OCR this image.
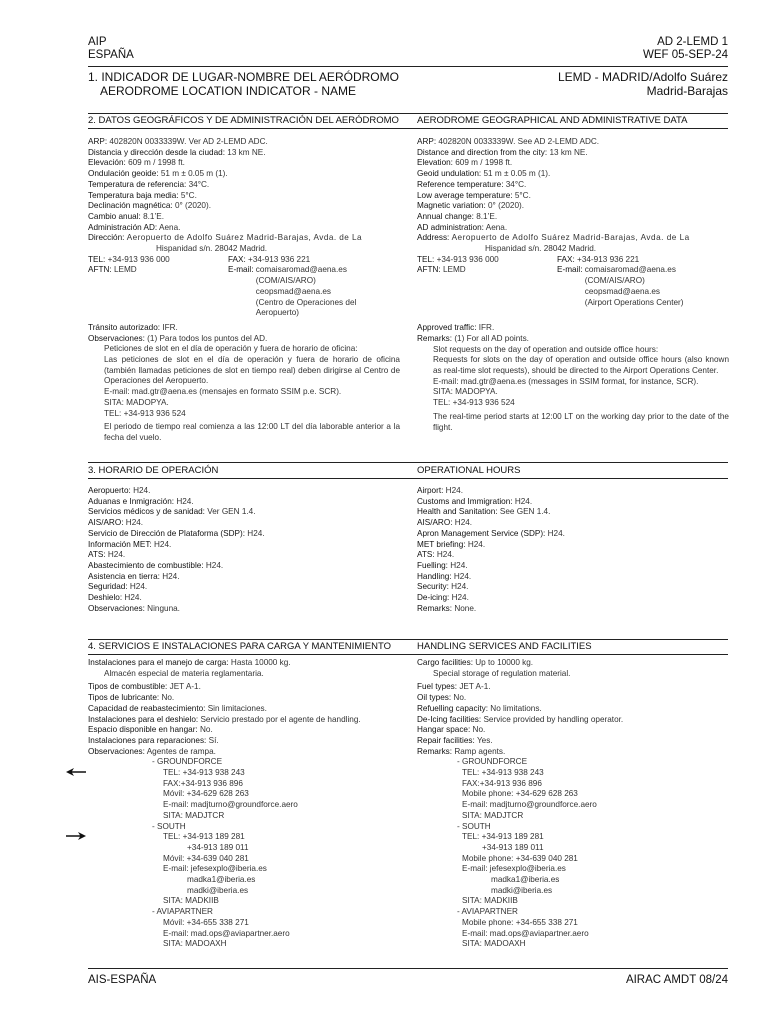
AIP
ESPAÑA
AD 2-LEMD 1
WEF 05-SEP-24
1. INDICADOR DE LUGAR-NOMBRE DEL AERÓDROMO
AERODROME LOCATION INDICATOR - NAME
LEMD - MADRID/Adolfo Suárez
Madrid-Barajas
2. DATOS GEOGRÁFICOS Y DE ADMINISTRACIÓN DEL AERÓDROMO AERODROME GEOGRAPHICAL AND ADMINISTRATIVE DATA
ARP: 402820N 0033339W. Ver AD 2-LEMD ADC.
Distancia y dirección desde la ciudad: 13 km NE.
Elevación: 609 m / 1998 ft.
Ondulación geoide: 51 m ± 0.05 m (1).
Temperatura de referencia: 34°C.
Temperatura baja media: 5°C.
Declinación magnética: 0° (2020).
Cambio anual: 8.1’E.
Administración AD: Aena.
Dirección: Aeropuerto de Adolfo Suárez Madrid-Barajas, Avda. de La
Hispanidad s/n. 28042 Madrid.
TEL: +34-913 936 000	FAX: +34-913 936 221
AFTN: LEMD	E-mail:
comaisaromad@aena.es
(COM/AIS/ARO)
ceopsmad@aena.es
(Centro de Operaciones del
Aeropuerto)
Tránsito autorizado: IFR.
Observaciones: (1) Para todos los puntos del AD.
Peticiones de slot en el día de operación y fuera de horario de oficina:
Las peticiones de slot en el día de operación y fuera de horario de oficina (también llamadas peticiones de slot en tiempo real) deben dirigirse al Centro de Operaciones del Aeropuerto.
E-mail: mad.gtr@aena.es (mensajes en formato SSIM p.e. SCR).
SITA: MADOPYA.
TEL: +34-913 936 524
El periodo de tiempo real comienza a las 12:00 LT del día laborable anterior a la fecha del vuelo.
ARP: 402820N 0033339W. See AD 2-LEMD ADC.
Distance and direction from the city: 13 km NE.
Elevation: 609 m / 1998 ft.
Geoid undulation: 51 m ± 0.05 m (1).
Reference temperature: 34°C.
Low average temperature: 5°C.
Magnetic variation: 0° (2020).
Annual change: 8.1’E.
AD administration: Aena.
Address: Aeropuerto de Adolfo Suárez Madrid-Barajas, Avda. de La
Hispanidad s/n. 28042 Madrid.
TEL: +34-913 936 000	FAX: +34-913 936 221
AFTN: LEMD	E-mail:
comaisaromad@aena.es
(COM/AIS/ARO)
ceopsmad@aena.es
(Airport Operations Center)
Approved traffic: IFR.
Remarks: (1) For all AD points.
Slot requests on the day of operation and outside office hours:
Requests for slots on the day of operation and outside office hours (also known as real-time slot requests), should be directed to the Airport Operations Center.
E-mail: mad.gtr@aena.es (messages in SSIM format, for instance, SCR).
SITA: MADOPYA.
TEL: +34-913 936 524
The real-time period starts at 12:00 LT on the working day prior to the date of the flight.
3. HORARIO DE OPERACIÓN	OPERATIONAL HOURS
Aeropuerto: H24.
Aduanas e Inmigración: H24.
Servicios médicos y de sanidad: Ver GEN 1.4.
AIS/ARO: H24.
Servicio de Dirección de Plataforma (SDP): H24.
Información MET: H24.
ATS: H24.
Abastecimiento de combustible: H24.
Asistencia en tierra: H24.
Seguridad: H24.
Deshielo: H24.
Observaciones: Ninguna.
Airport: H24.
Customs and Immigration: H24.
Health and Sanitation: See GEN 1.4.
AIS/ARO: H24.
Apron Management Service (SDP): H24.
MET briefing: H24.
ATS: H24.
Fuelling: H24.
Handling: H24.
Security: H24.
De-icing: H24.
Remarks: None.
4. SERVICIOS E INSTALACIONES PARA CARGA Y MANTENIMIENTO	HANDLING SERVICES AND FACILITIES
Instalaciones para el manejo de carga: Hasta 10000 kg.
Almacén especial de materia reglamentaria.
Tipos de combustible: JET A-1.
Tipos de lubricante: No.
Capacidad de reabastecimiento: Sin limitaciones.
Instalaciones para el deshielo: Servicio prestado por el agente de handling.
Espacio disponible en hangar: No.
Instalaciones para reparaciones: Sí.
Observaciones: Agentes de rampa.
- GROUNDFORCE
TEL: +34-913 938 243
FAX:+34-913 936 896
Móvil: +34-629 628 263
E-mail: madjturno@groundforce.aero
SITA: MADJTCR
- SOUTH
TEL: +34-913 189 281
+34-913 189 011
Móvil: +34-639 040 281
E-mail: jefesexplo@iberia.es
madka1@iberia.es
madki@iberia.es
SITA: MADKIIB
- AVIAPARTNER
Móvil: +34-655 338 271
E-mail: mad.ops@aviapartner.aero
SITA: MADOAXH
Cargo facilities: Up to 10000 kg.
Special storage of regulation material.
Fuel types: JET A-1.
Oil types: No.
Refuelling capacity: No limitations.
De-Icing facilities: Service provided by handling operator.
Hangar space: No.
Repair facilities: Yes.
Remarks: Ramp agents.
- GROUNDFORCE
TEL: +34-913 938 243
FAX:+34-913 936 896
Mobile phone: +34-629 628 263
E-mail: madjturno@groundforce.aero
SITA: MADJTCR
- SOUTH
TEL: +34-913 189 281
+34-913 189 011
Mobile phone: +34-639 040 281
E-mail: jefesexplo@iberia.es
madka1@iberia.es
madki@iberia.es
SITA: MADKIIB
- AVIAPARTNER
Mobile phone: +34-655 338 271
E-mail: mad.ops@aviapartner.aero
SITA: MADOAXH
AIS-ESPAÑA	AIRAC AMDT 08/24
